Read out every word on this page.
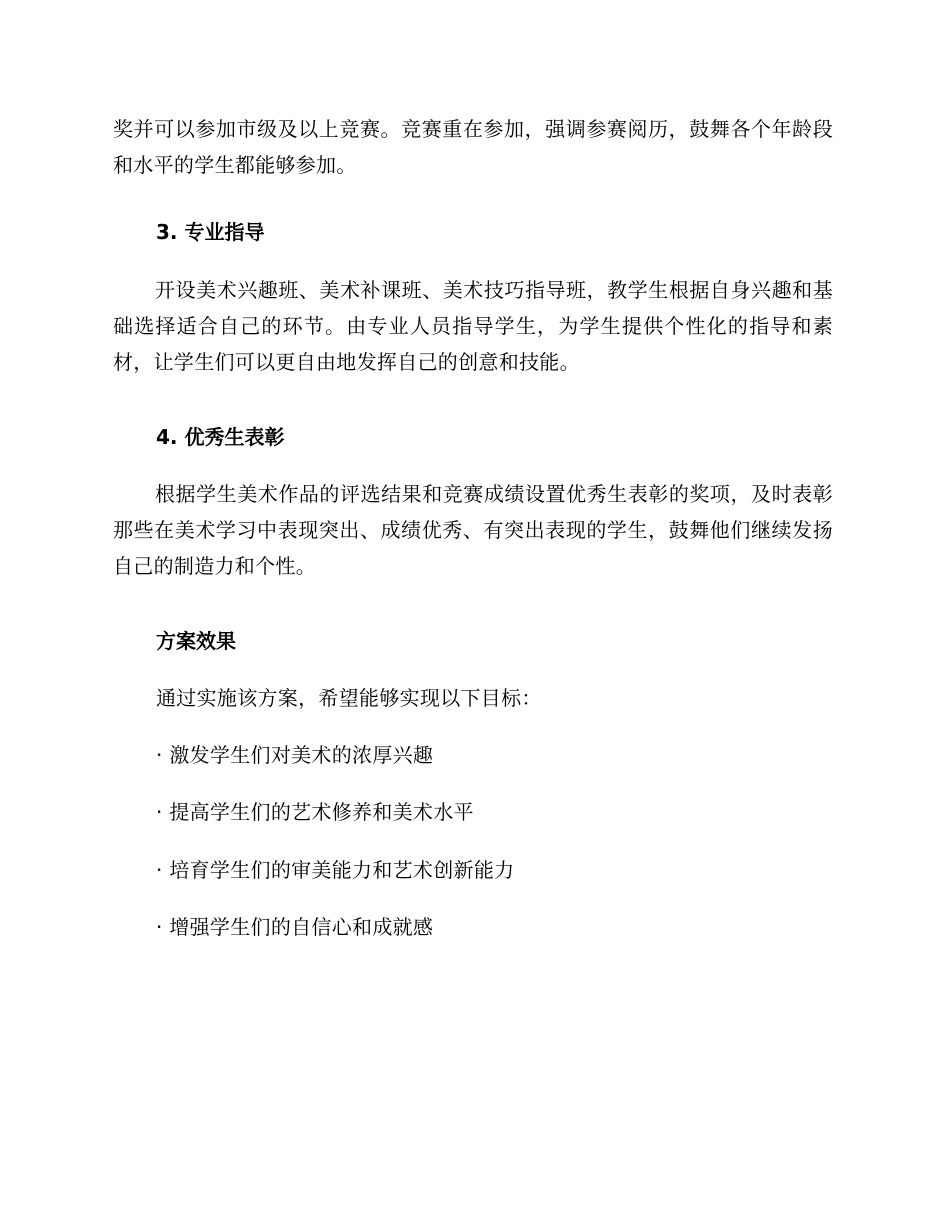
奖并可以参加市级及以上竞赛。竞赛重在参加，强调参赛阅历，鼓舞各个年龄段和水平的学生都能够参加。

3. 专业指导

开设美术兴趣班、美术补课班、美术技巧指导班，教学生根据自身兴趣和基础选择适合自己的环节。由专业人员指导学生，为学生提供个性化的指导和素材，让学生们可以更自由地发挥自己的创意和技能。

4. 优秀生表彰

根据学生美术作品的评选结果和竞赛成绩设置优秀生表彰的奖项，及时表彰那些在美术学习中表现突出、成绩优秀、有突出表现的学生，鼓舞他们继续发扬自己的制造力和个性。

方案效果

通过实施该方案，希望能够实现以下目标：

· 激发学生们对美术的浓厚兴趣

· 提高学生们的艺术修养和美术水平

· 培育学生们的审美能力和艺术创新能力

· 增强学生们的自信心和成就感
